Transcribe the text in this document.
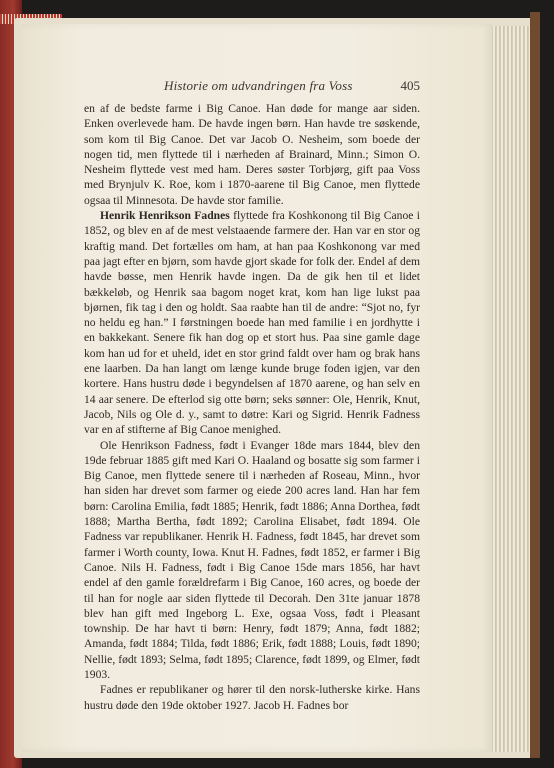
Historie om udvandringen fra Voss	405

en af de bedste farme i Big Canoe. Han døde for mange aar siden. Enken overlevede ham. De havde ingen børn. Han havde tre søskende, som kom til Big Canoe. Det var Jacob O. Nesheim, som boede der nogen tid, men flyttede til i nærheden af Brainard, Minn.; Simon O. Nesheim flyttede vest med ham. Deres søster Torbjørg, gift paa Voss med Brynjulv K. Roe, kom i 1870-aarene til Big Canoe, men flyttede ogsaa til Minnesota. De havde stor familie.

Henrik Henrikson Fadnes flyttede fra Koshkonong til Big Canoe i 1852, og blev en af de mest velstaaende farmere der. Han var en stor og kraftig mand. Det fortælles om ham, at han paa Koshkonong var med paa jagt efter en bjørn, som havde gjort skade for folk der. Endel af dem havde bøsse, men Henrik havde ingen. Da de gik hen til et lidet bækkeløb, og Henrik saa bagom noget krat, kom han lige lukst paa bjørnen, fik tag i den og holdt. Saa raabte han til de andre: “Sjot no, fyr no heldu eg han.” I førstningen boede han med familie i en jordhytte i en bakkekant. Senere fik han dog op et stort hus. Paa sine gamle dage kom han ud for et uheld, idet en stor grind faldt over ham og brak hans ene laarben. Da han langt om længe kunde bruge foden igjen, var den kortere. Hans hustru døde i begyndelsen af 1870 aarene, og han selv en 14 aar senere. De efterlod sig otte børn; seks sønner: Ole, Henrik, Knut, Jacob, Nils og Ole d. y., samt to døtre: Kari og Sigrid. Henrik Fadness var en af stifterne af Big Canoe menighed.

Ole Henrikson Fadness, født i Evanger 18de mars 1844, blev den 19de februar 1885 gift med Kari O. Haaland og bosatte sig som farmer i Big Canoe, men flyttede senere til i nærheden af Roseau, Minn., hvor han siden har drevet som farmer og eiede 200 acres land. Han har fem børn: Carolina Emilia, født 1885; Henrik, født 1886; Anna Dorthea, født 1888; Martha Bertha, født 1892; Carolina Elisabet, født 1894. Ole Fadness var republikaner. Henrik H. Fadness, født 1845, har drevet som farmer i Worth county, Iowa. Knut H. Fadnes, født 1852, er farmer i Big Canoe. Nils H. Fadness, født i Big Canoe 15de mars 1856, har havt endel af den gamle forældrefarm i Big Canoe, 160 acres, og boede der til han for nogle aar siden flyttede til Decorah. Den 31te januar 1878 blev han gift med Ingeborg L. Exe, ogsaa Voss, født i Pleasant township. De har havt ti børn: Henry, født 1879; Anna, født 1882; Amanda, født 1884; Tilda, født 1886; Erik, født 1888; Louis, født 1890; Nellie, født 1893; Selma, født 1895; Clarence, født 1899, og Elmer, født 1903.

Fadnes er republikaner og hører til den norsk-lutherske kirke. Hans hustru døde den 19de oktober 1927. Jacob H. Fadnes bor
